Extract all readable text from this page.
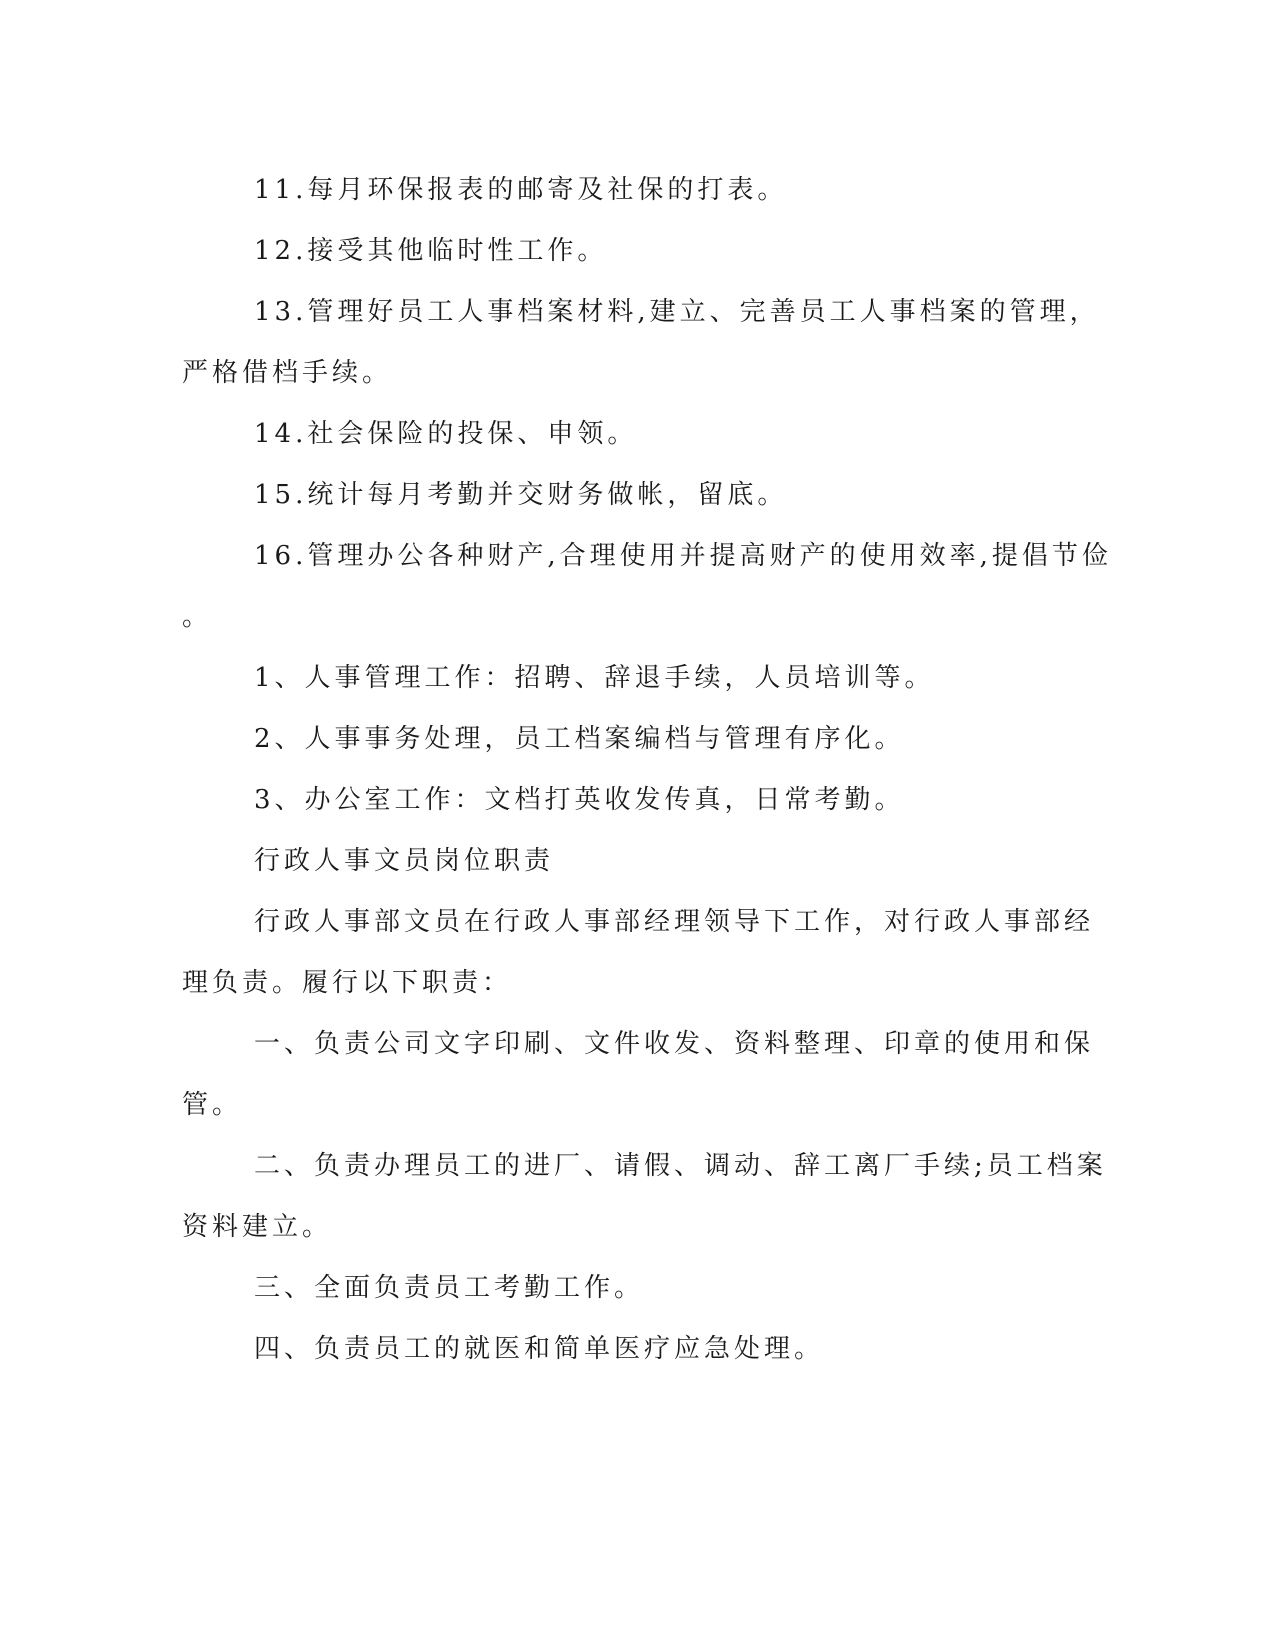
11.每月环保报表的邮寄及社保的打表。
12.接受其他临时性工作。
13.管理好员工人事档案材料,建立、完善员工人事档案的管理，
严格借档手续。
14.社会保险的投保、申领。
15.统计每月考勤并交财务做帐，留底。
16.管理办公各种财产,合理使用并提高财产的使用效率,提倡节俭
。
1、人事管理工作：招聘、辞退手续，人员培训等。
2、人事事务处理，员工档案编档与管理有序化。
3、办公室工作：文档打英收发传真，日常考勤。
行政人事文员岗位职责
行政人事部文员在行政人事部经理领导下工作，对行政人事部经
理负责。履行以下职责：
一、负责公司文字印刷、文件收发、资料整理、印章的使用和保
管。
二、负责办理员工的进厂、请假、调动、辞工离厂手续;员工档案
资料建立。
三、全面负责员工考勤工作。
四、负责员工的就医和简单医疗应急处理。
